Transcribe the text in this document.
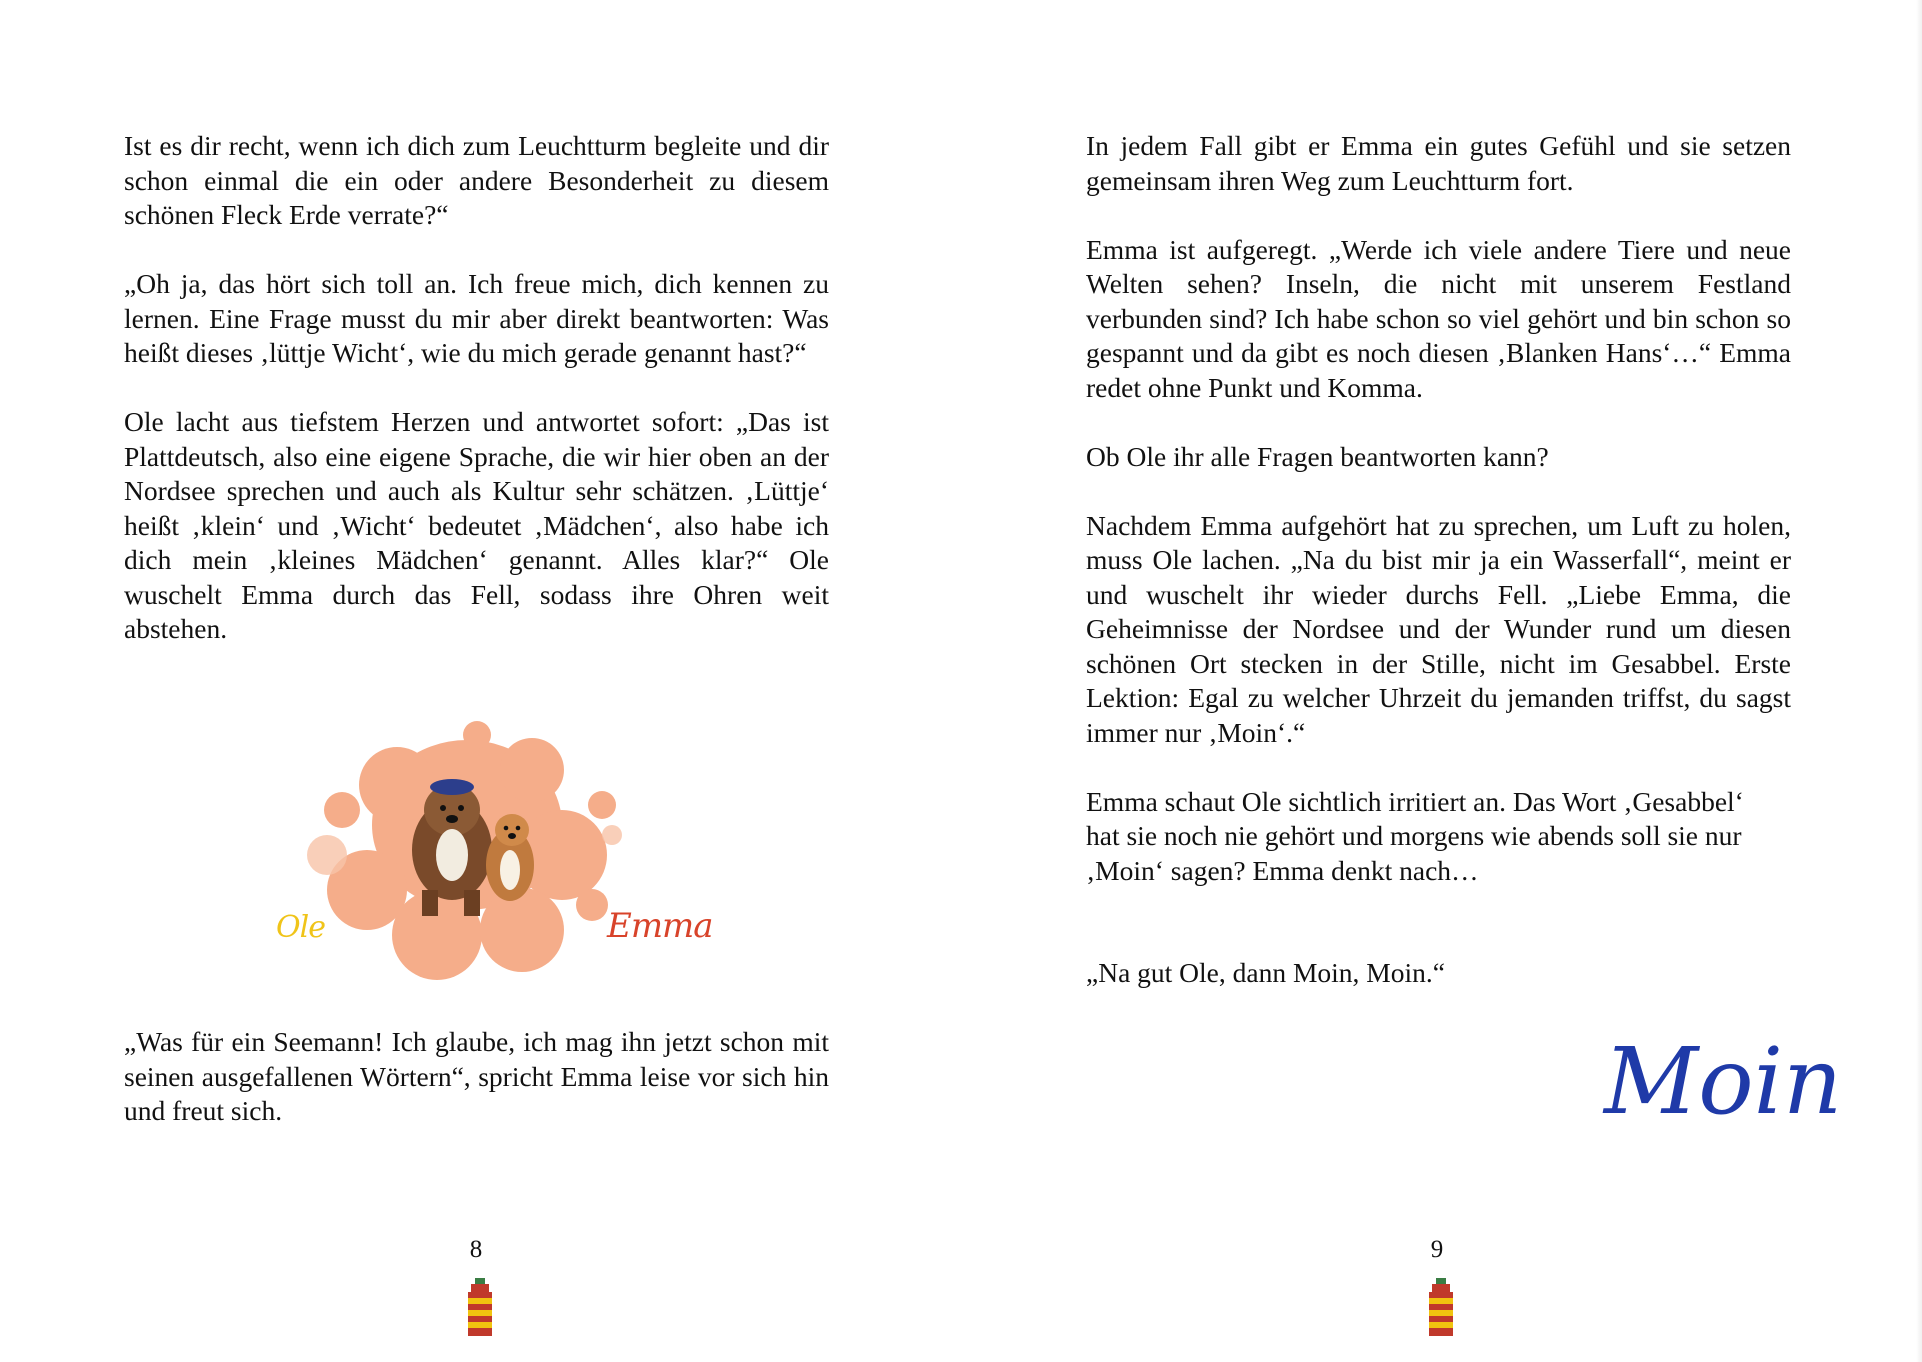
Ist es dir recht, wenn ich dich zum Leuchtturm begleite und dir schon einmal die ein oder andere Besonderheit zu diesem schönen Fleck Erde verrate?“

„Oh ja, das hört sich toll an. Ich freue mich, dich kennen zu lernen. Eine Frage musst du mir aber direkt beantworten: Was heißt dieses ‚lüttje Wicht‘, wie du mich gerade genannt hast?“

Ole lacht aus tiefstem Herzen und antwortet sofort: „Das ist Plattdeutsch, also eine eigene Sprache, die wir hier oben an der Nordsee sprechen und auch als Kultur sehr schätzen. ‚Lüttje‘ heißt ‚klein‘ und ‚Wicht‘ bedeutet ‚Mädchen‘, also habe ich dich mein ‚kleines Mädchen‘ genannt. Alles klar?“ Ole wuschelt Emma durch das Fell, sodass ihre Ohren weit abstehen.

Ole	Emma

„Was für ein Seemann! Ich glaube, ich mag ihn jetzt schon mit seinen ausgefallenen Wörtern“, spricht Emma leise vor sich hin und freut sich.

8

In jedem Fall gibt er Emma ein gutes Gefühl und sie setzen gemeinsam ihren Weg zum Leuchtturm fort.

Emma ist aufgeregt. „Werde ich viele andere Tiere und neue Welten sehen? Inseln, die nicht mit unserem Festland verbunden sind? Ich habe schon so viel gehört und bin schon so gespannt und da gibt es noch diesen ‚Blanken Hans‘…“ Emma redet ohne Punkt und Komma.

Ob Ole ihr alle Fragen beantworten kann?

Nachdem Emma aufgehört hat zu sprechen, um Luft zu holen, muss Ole lachen. „Na du bist mir ja ein Wasserfall“, meint er und wuschelt ihr wieder durchs Fell. „Liebe Emma, die Geheimnisse der Nordsee und der Wunder rund um diesen schönen Ort stecken in der Stille, nicht im Gesabbel. Erste Lektion: Egal zu welcher Uhrzeit du jemanden triffst, du sagst immer nur ‚Moin‘.“

Emma schaut Ole sichtlich irritiert an. Das Wort ‚Gesabbel‘ hat sie noch nie gehört und morgens wie abends soll sie nur ‚Moin‘ sagen? Emma denkt nach…

„Na gut Ole, dann Moin, Moin.“

Moin
9
